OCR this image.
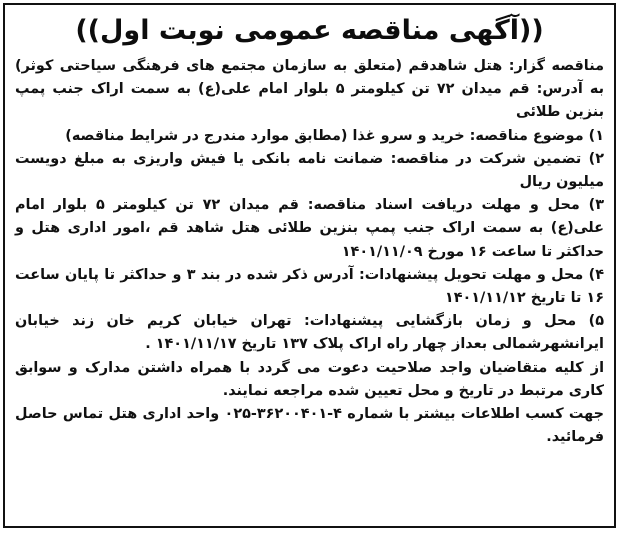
((آگهی مناقصه عمومی نوبت اول))

مناقصه گزار: هتل شاهدقم (متعلق به سازمان مجتمع های فرهنگی سیاحتی کوثر) به آدرس: قم میدان ۷۲ تن کیلومتر ۵ بلوار امام علی(ع) به سمت اراک جنب پمپ بنزین طلائی

۱) موضوع مناقصه: خرید و سرو غذا (مطابق موارد مندرج در شرایط مناقصه)

۲) تضمین شرکت در مناقصه: ضمانت نامه بانکی یا فیش واریزی به مبلغ دویست میلیون ریال

۳) محل و مهلت دریافت اسناد مناقصه: قم میدان ۷۲ تن کیلومتر ۵ بلوار امام علی(ع) به سمت اراک جنب پمپ بنزین طلائی هتل شاهد قم ،امور اداری هتل و حداکثر تا ساعت ۱۶ مورخ ۱۴۰۱/۱۱/۰۹

۴) محل و مهلت تحویل پیشنهادات: آدرس ذکر شده در بند ۳ و حداکثر تا پایان ساعت ۱۶ تا تاریخ ۱۴۰۱/۱۱/۱۲

۵) محل و زمان بازگشایی پیشنهادات: تهران خیابان کریم خان زند خیابان ایرانشهرشمالی بعداز چهار راه اراک پلاک ۱۳۷ تاریخ ۱۴۰۱/۱۱/۱۷ .

از کلیه متقاضیان واجد صلاحیت دعوت می گردد با همراه داشتن مدارک و سوابق کاری مرتبط در تاریخ و محل تعیین شده مراجعه نمایند.

جهت کسب اطلاعات بیشتر با شماره ۴-۳۶۲۰۰۴۰۱-۰۲۵ واحد اداری هتل تماس حاصل فرمائید.
